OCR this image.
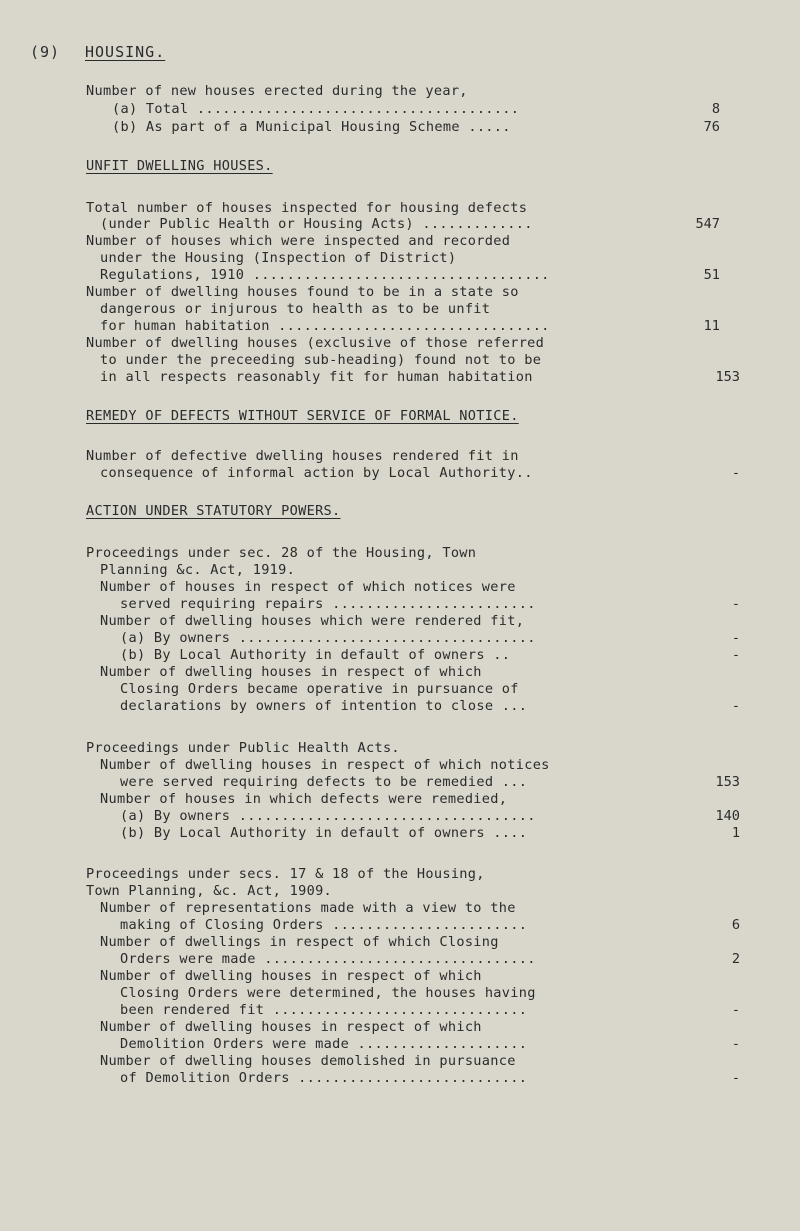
(9) HOUSING.
Number of new houses erected during the year,
(a) Total ......................................	8
(b) As part of a Municipal Housing Scheme .....	76
UNFIT DWELLING HOUSES.
Total number of houses inspected for housing defects
(under Public Health or Housing Acts) .............	547
Number of houses which were inspected and recorded
under the Housing (Inspection of District)
Regulations, 1910 ...................................	51
Number of dwelling houses found to be in a state so
dangerous or injurous to health as to be unfit
for human habitation ................................	11
Number of dwelling houses (exclusive of those referred
to under the preceeding sub-heading) found not to be
in all respects reasonably fit for human habitation	153
REMEDY OF DEFECTS WITHOUT SERVICE OF FORMAL NOTICE.
Number of defective dwelling houses rendered fit in
consequence of informal action by Local Authority..	-
ACTION UNDER STATUTORY POWERS.
Proceedings under sec. 28 of the Housing, Town
Planning &c. Act, 1919.
Number of houses in respect of which notices were
served requiring repairs ........................	-
Number of dwelling houses which were rendered fit,
(a) By owners ...................................	-
(b) By Local Authority in default of owners ..	-
Number of dwelling houses in respect of which
Closing Orders became operative in pursuance of
declarations by owners of intention to close ...	-
Proceedings under Public Health Acts.
Number of dwelling houses in respect of which notices
were served requiring defects to be remedied ...	153
Number of houses in which defects were remedied,
(a) By owners ...................................	140
(b) By Local Authority in default of owners ....	1
Proceedings under secs. 17 & 18 of the Housing,
Town Planning, &c. Act, 1909.
Number of representations made with a view to the
making of Closing Orders .......................	6
Number of dwellings in respect of which Closing
Orders were made ................................	2
Number of dwelling houses in respect of which
Closing Orders were determined, the houses having
been rendered fit ..............................	-
Number of dwelling houses in respect of which
Demolition Orders were made ....................	-
Number of dwelling houses demolished in pursuance
of Demolition Orders ...........................	-
